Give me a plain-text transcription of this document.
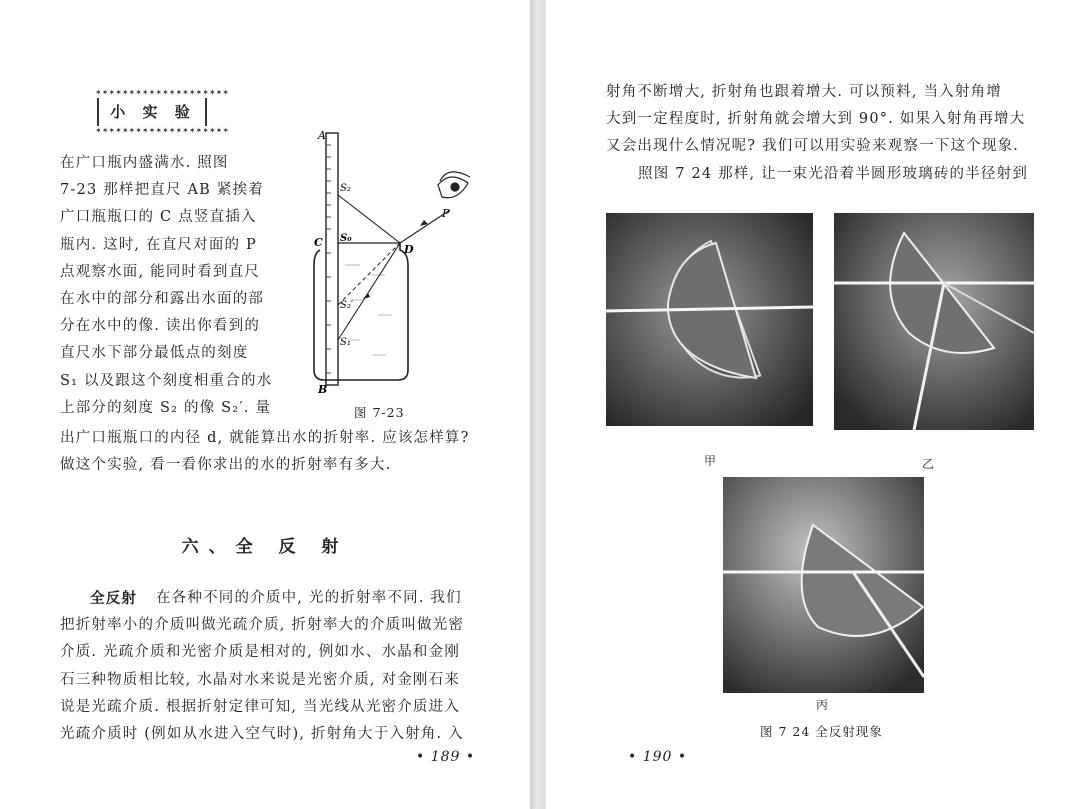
✶✶✶✶✶✶✶✶✶✶✶✶✶✶✶✶✶✶✶✶
小 实 验
✶✶✶✶✶✶✶✶✶✶✶✶✶✶✶✶✶✶✶✶
在广口瓶内盛满水. 照图
7-23 那样把直尺 AB 紧挨着
广口瓶瓶口的 C 点竖直插入
瓶内. 这时, 在直尺对面的 P
点观察水面, 能同时看到直尺
在水中的部分和露出水面的部
分在水中的像. 读出你看到的
直尺水下部分最低点的刻度
S₁ 以及跟这个刻度相重合的水
上部分的刻度 S₂ 的像 S₂′. 量
A
B
C
D
P
S₀
S₂
S₂′
S₁
图 7-23
出广口瓶瓶口的内径 d, 就能算出水的折射率. 应该怎样算?
做这个实验, 看一看你求出的水的折射率有多大.
六、全 反 射
全反射 在各种不同的介质中, 光的折射率不同. 我们
把折射率小的介质叫做光疏介质, 折射率大的介质叫做光密
介质. 光疏介质和光密介质是相对的, 例如水、水晶和金刚
石三种物质相比较, 水晶对水来说是光密介质, 对金刚石来
说是光疏介质. 根据折射定律可知, 当光线从光密介质进入
光疏介质时 (例如从水进入空气时), 折射角大于入射角. 入
• 189 •
射角不断增大, 折射角也跟着增大. 可以预料, 当入射角增
大到一定程度时, 折射角就会增大到 90°. 如果入射角再增大
又会出现什么情况呢? 我们可以用实验来观察一下这个现象.
照图 7 24 那样, 让一束光沿着半圆形玻璃砖的半径射到
甲	乙
丙
图 7 24 全反射现象
• 190 •
